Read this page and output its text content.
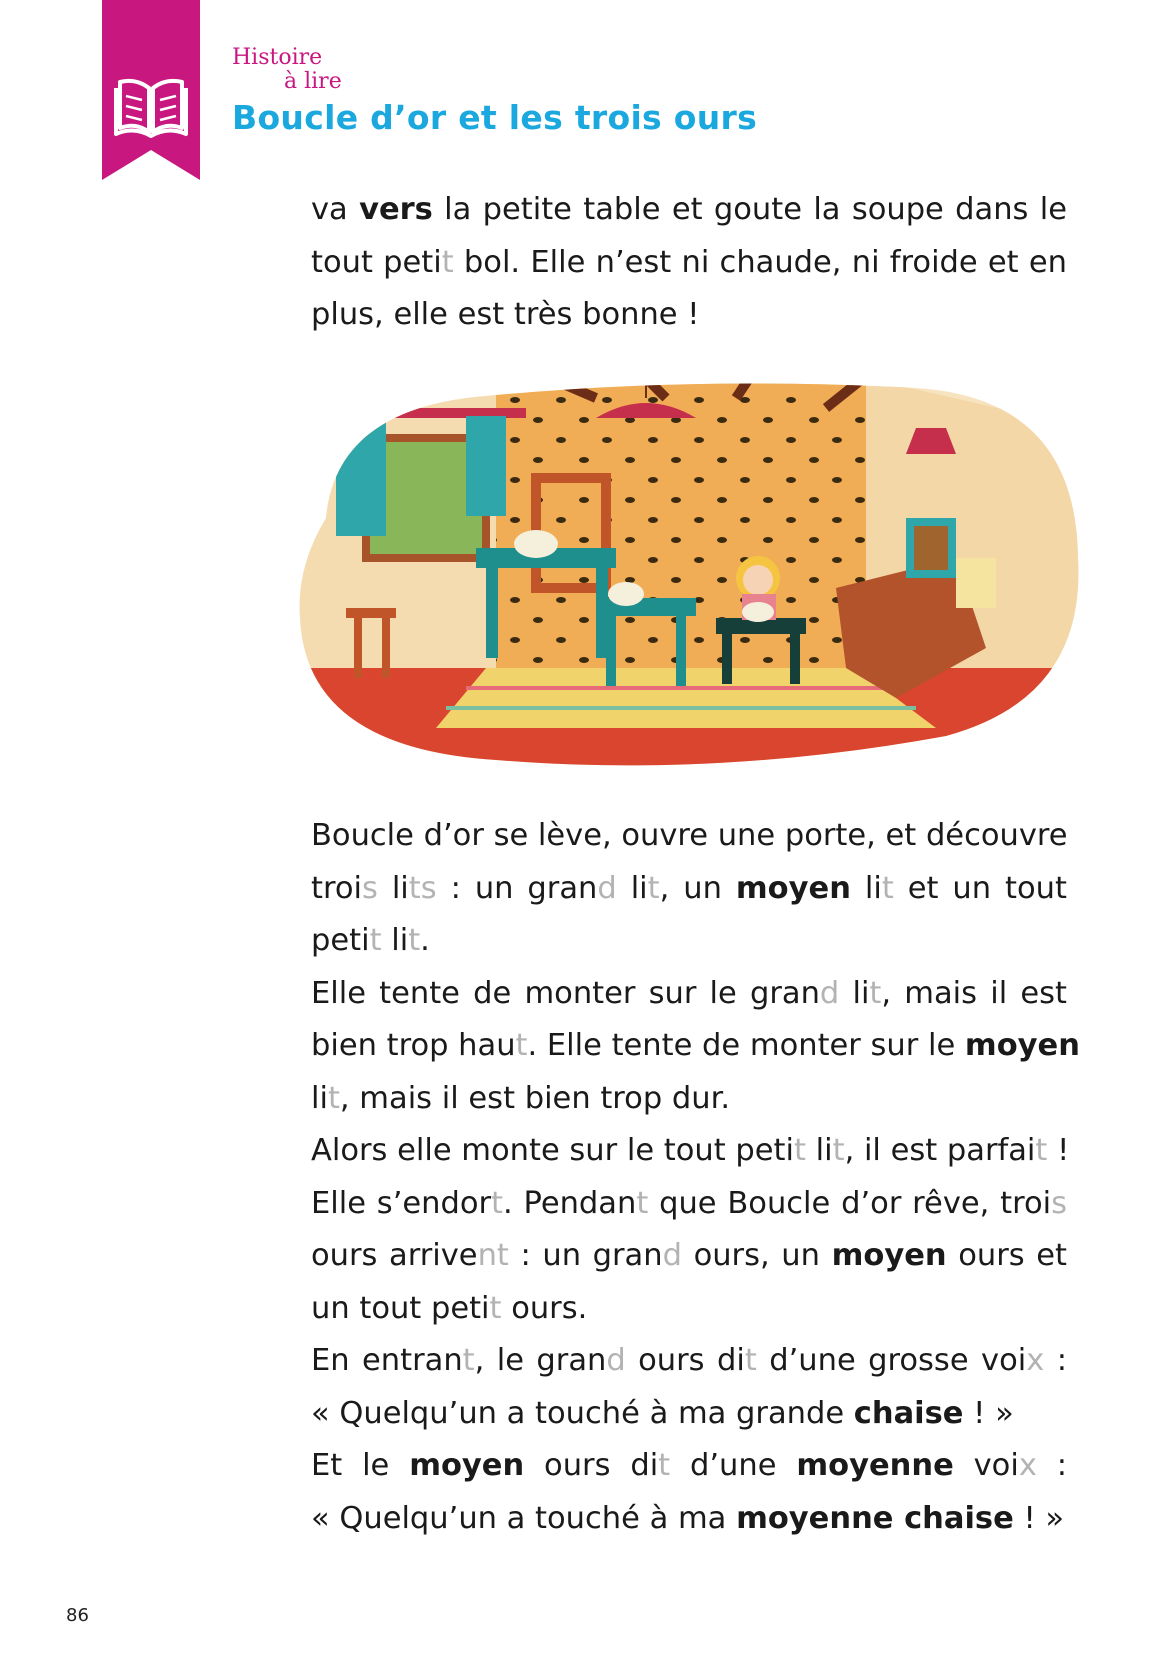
Histoire
à lire
Boucle d’or et les trois ours
va vers la petite table et goute la soupe dans le
tout petit bol. Elle n’est ni chaude, ni froide et en
plus, elle est très bonne !
Boucle d’or se lève, ouvre une porte, et découvre
trois lits : un grand lit, un moyen lit et un tout
petit lit.
Elle tente de monter sur le grand lit, mais il est
bien trop haut. Elle tente de monter sur le moyen
lit, mais il est bien trop dur.
Alors elle monte sur le tout petit lit, il est parfait !
Elle s’endort. Pendant que Boucle d’or rêve, trois
ours arrivent : un grand ours, un moyen ours et
un tout petit ours.
En entrant, le grand ours dit d’une grosse voix :
« Quelqu’un a touché à ma grande chaise ! »
Et le moyen ours dit d’une moyenne voix :
« Quelqu’un a touché à ma moyenne chaise ! »
86
